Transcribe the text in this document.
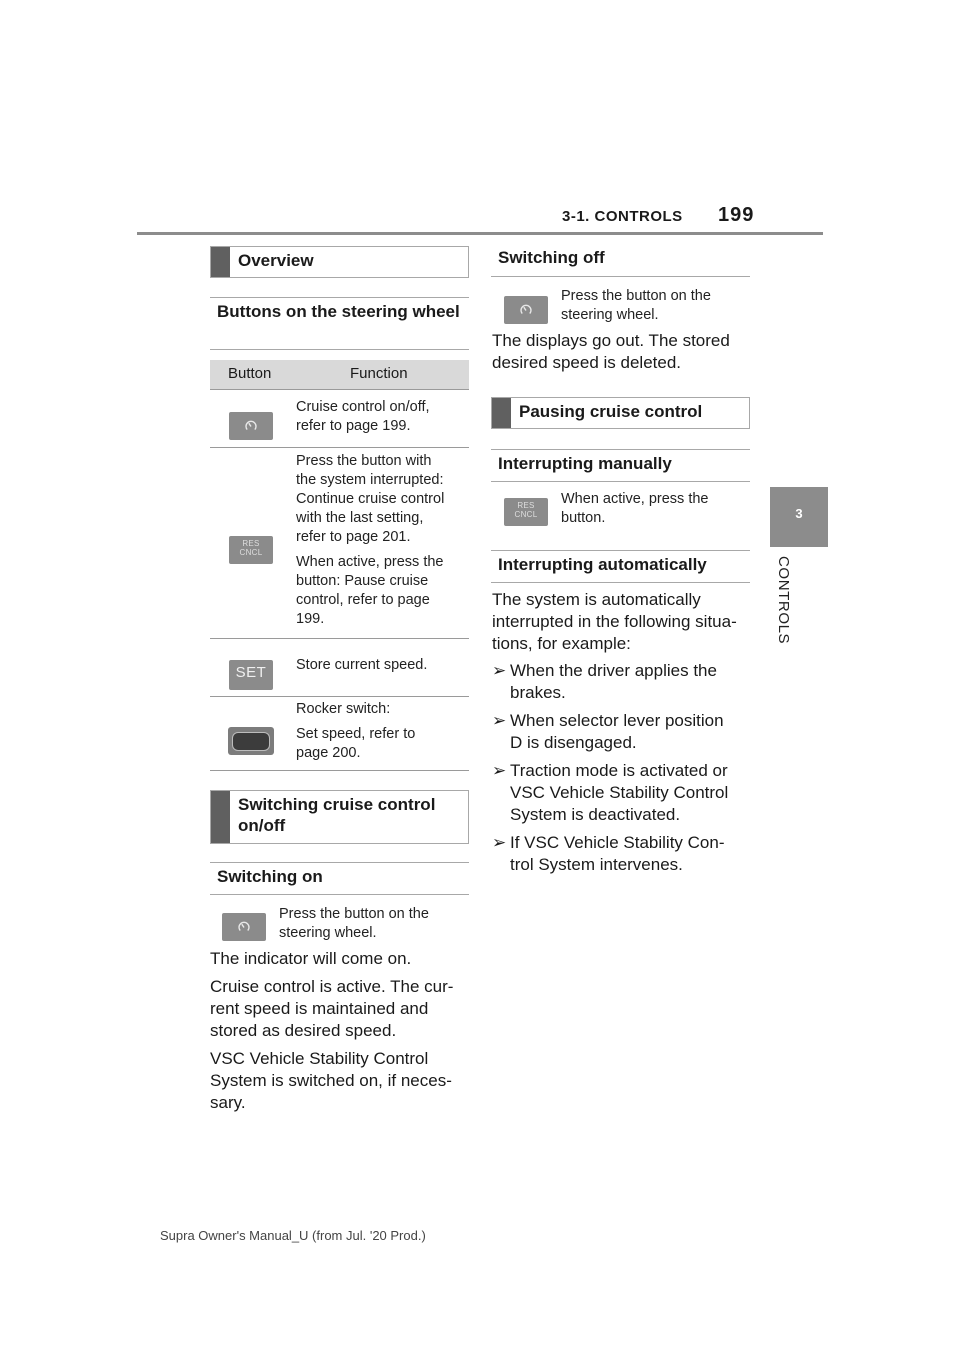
3-1. CONTROLS 199
3
CONTROLS
Overview
Buttons on the steering wheel
Button	Function
Cruise control on/off,
refer to page 199.
RES
CNCL
Press the button with
the system interrupted:
Continue cruise control
with the last setting,
refer to page 201.
When active, press the
button: Pause cruise
control, refer to page
199.
SET	Store current speed.
Rocker switch:
Set speed, refer to
page 200.
Switching cruise control on/off
Switching on
Press the button on the
steering wheel.
The indicator will come on.
Cruise control is active. The cur-
rent speed is maintained and
stored as desired speed.
VSC Vehicle Stability Control
System is switched on, if neces-
sary.
Switching off
Press the button on the
steering wheel.
The displays go out. The stored
desired speed is deleted.
Pausing cruise control
Interrupting manually
RES
CNCL
When active, press the
button.
Interrupting automatically
The system is automatically
interrupted in the following situa-
tions, for example:
➢ When the driver applies the
brakes.
➢ When selector lever position
D is disengaged.
➢ Traction mode is activated or
VSC Vehicle Stability Control
System is deactivated.
➢ If VSC Vehicle Stability Con-
trol System intervenes.
Supra Owner's Manual_U (from Jul. '20 Prod.)
